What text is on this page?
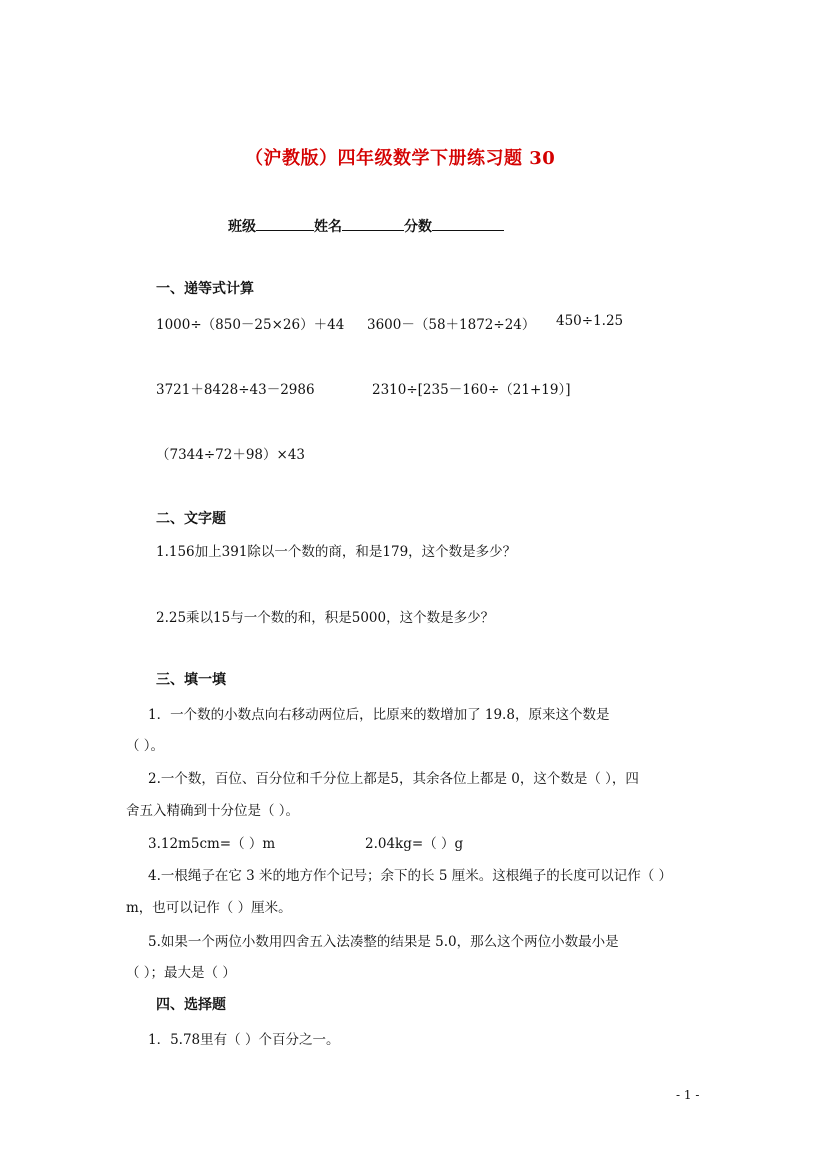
（沪教版）四年级数学下册练习题 30
班级	姓名	分数
一、递等式计算
1000÷（850－25×26）＋44 3600－（58＋1872÷24） 450÷1.25
3721＋8428÷43－2986	2310÷[235－160÷（21+19）]
（7344÷72＋98）×43
二、文字题
1.156加上391除以一个数的商，和是179，这个数是多少？
2.25乘以15与一个数的和，积是5000，这个数是多少？
三、填一填
1．一个数的小数点向右移动两位后，比原来的数增加了 19.8，原来这个数是
（ ）。
2.一个数，百位、百分位和千分位上都是5，其余各位上都是 0，这个数是（ ），四
舍五入精确到十分位是（ ）。
3.12m5cm=（ ）m	2.04kg=（ ）g
4.一根绳子在它 3 米的地方作个记号；余下的长 5 厘米。这根绳子的长度可以记作（ ）
m，也可以记作（ ）厘米。
5.如果一个两位小数用四舍五入法凑整的结果是 5.0，那么这个两位小数最小是
（ ）；最大是（ ）
四、选择题
1．5.78里有（ ）个百分之一。
- 1 -
